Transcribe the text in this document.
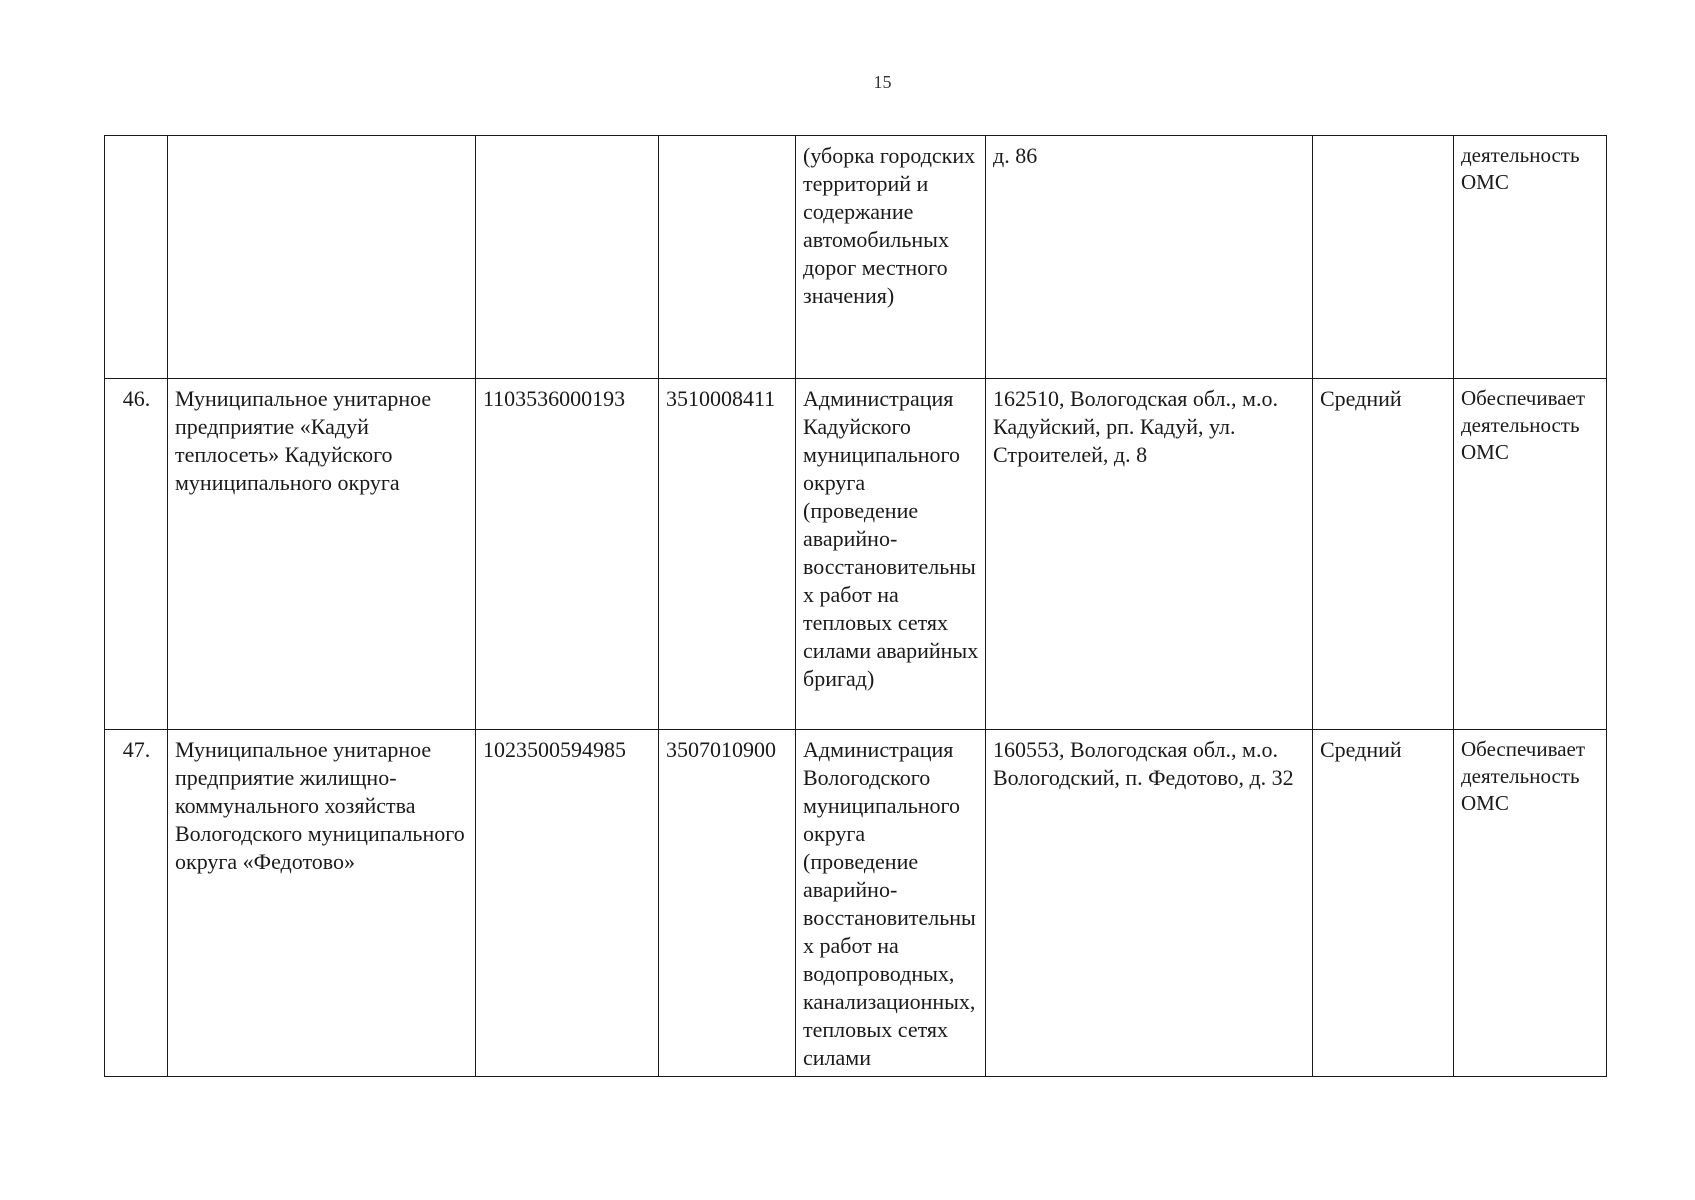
15
				(уборка городских территорий и содержание автомобильных дорог местного значения)	д. 86		деятельность ОМС
46.	Муниципальное унитарное предприятие «Кадуй теплосеть» Кадуйского муниципального округа	1103536000193	3510008411	Администрация Кадуйского муниципального округа (проведение аварийно-восстановительных работ на тепловых сетях силами аварийных бригад)	162510, Вологодская обл., м.о. Кадуйский, рп. Кадуй, ул. Строителей, д. 8	Средний	Обеспечивает деятельность ОМС
47.	Муниципальное унитарное предприятие жилищно-коммунального хозяйства Вологодского муниципального округа «Федотово»	1023500594985	3507010900	Администрация Вологодского муниципального округа (проведение аварийно-восстановительных работ на водопроводных, канализационных, тепловых сетях силами	160553, Вологодская обл., м.о. Вологодский, п. Федотово, д. 32	Средний	Обеспечивает деятельность ОМС
